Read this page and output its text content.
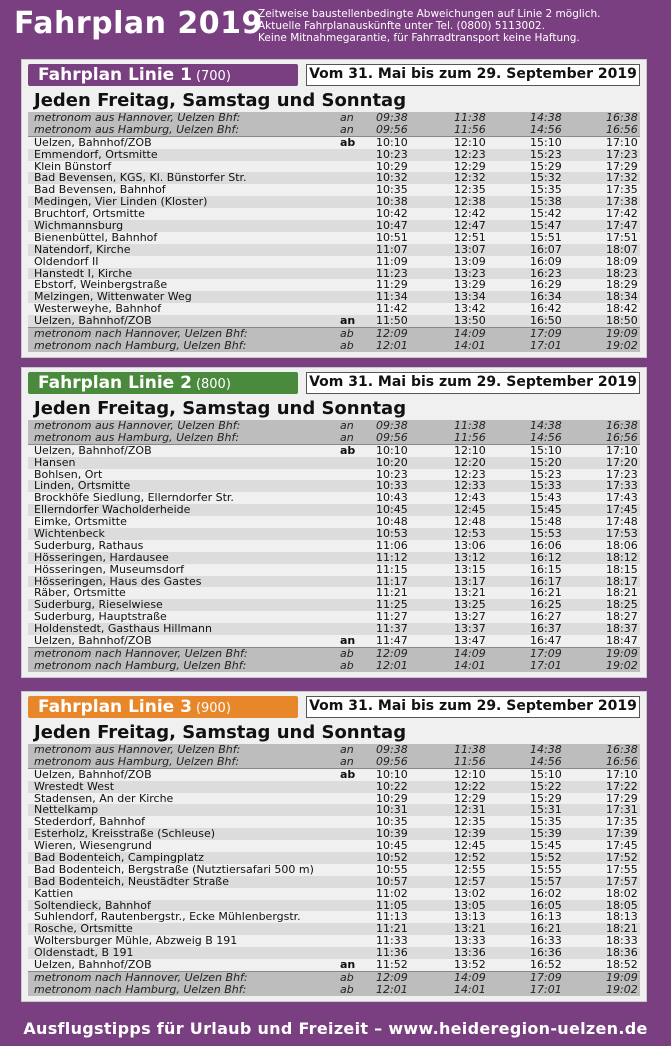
Fahrplan 2019
Zeitweise baustellenbedingte Abweichungen auf Linie 2 möglich.
Aktuelle Fahrplanauskünfte unter Tel. (0800) 5113002.
Keine Mitnahmegarantie, für Fahrradtransport keine Haftung.
Fahrplan Linie 1 (700)	Vom 31. Mai bis zum 29. September 2019
Jeden Freitag, Samstag und Sonntag
metronom aus Hannover, Uelzen Bhf:	an 09:38	11:38	14:38	16:38
metronom aus Hamburg, Uelzen Bhf:	an 09:56	11:56	14:56	16:56
Uelzen, Bahnhof/ZOB	ab 10:10	12:10	15:10	17:10
Emmendorf, Ortsmitte	10:23	12:23	15:23	17:23
Klein Bünstorf	10:29	12:29	15:29	17:29
Bad Bevensen, KGS, Kl. Bünstorfer Str.	10:32	12:32	15:32	17:32
Bad Bevensen, Bahnhof	10:35	12:35	15:35	17:35
Medingen, Vier Linden (Kloster)	10:38	12:38	15:38	17:38
Bruchtorf, Ortsmitte	10:42	12:42	15:42	17:42
Wichmannsburg	10:47	12:47	15:47	17:47
Bienenbüttel, Bahnhof	10:51	12:51	15:51	17:51
Natendorf, Kirche	11:07	13:07	16:07	18:07
Oldendorf II	11:09	13:09	16:09	18:09
Hanstedt I, Kirche	11:23	13:23	16:23	18:23
Ebstorf, Weinbergstraße	11:29	13:29	16:29	18:29
Melzingen, Wittenwater Weg	11:34	13:34	16:34	18:34
Westerweyhe, Bahnhof	11:42	13:42	16:42	18:42
Uelzen, Bahnhof/ZOB	an 11:50	13:50	16:50	18:50
metronom nach Hannover, Uelzen Bhf:	ab 12:09	14:09	17:09	19:09
metronom nach Hamburg, Uelzen Bhf:	ab 12:01	14:01	17:01	19:02
Fahrplan Linie 2 (800)	Vom 31. Mai bis zum 29. September 2019
Jeden Freitag, Samstag und Sonntag
metronom aus Hannover, Uelzen Bhf:	an 09:38	11:38	14:38	16:38
metronom aus Hamburg, Uelzen Bhf:	an 09:56	11:56	14:56	16:56
Uelzen, Bahnhof/ZOB	ab 10:10	12:10	15:10	17:10
Hansen	10:20	12:20	15:20	17:20
Bohlsen, Ort	10:23	12:23	15:23	17:23
Linden, Ortsmitte	10:33	12:33	15:33	17:33
Brockhöfe Siedlung, Ellerndorfer Str.	10:43	12:43	15:43	17:43
Ellerndorfer Wacholderheide	10:45	12:45	15:45	17:45
Eimke, Ortsmitte	10:48	12:48	15:48	17:48
Wichtenbeck	10:53	12:53	15:53	17:53
Suderburg, Rathaus	11:06	13:06	16:06	18:06
Hösseringen, Hardausee	11:12	13:12	16:12	18:12
Hösseringen, Museumsdorf	11:15	13:15	16:15	18:15
Hösseringen, Haus des Gastes	11:17	13:17	16:17	18:17
Räber, Ortsmitte	11:21	13:21	16:21	18:21
Suderburg, Rieselwiese	11:25	13:25	16:25	18:25
Suderburg, Hauptstraße	11:27	13:27	16:27	18:27
Holdenstedt, Gasthaus Hillmann	11:37	13:37	16:37	18:37
Uelzen, Bahnhof/ZOB	an 11:47	13:47	16:47	18:47
metronom nach Hannover, Uelzen Bhf:	ab 12:09	14:09	17:09	19:09
metronom nach Hamburg, Uelzen Bhf:	ab 12:01	14:01	17:01	19:02
Fahrplan Linie 3 (900)	Vom 31. Mai bis zum 29. September 2019
Jeden Freitag, Samstag und Sonntag
metronom aus Hannover, Uelzen Bhf:	an 09:38	11:38	14:38	16:38
metronom aus Hamburg, Uelzen Bhf:	an 09:56	11:56	14:56	16:56
Uelzen, Bahnhof/ZOB	ab 10:10	12:10	15:10	17:10
Wrestedt West	10:22	12:22	15:22	17:22
Stadensen, An der Kirche	10:29	12:29	15:29	17:29
Nettelkamp	10:31	12:31	15:31	17:31
Stederdorf, Bahnhof	10:35	12:35	15:35	17:35
Esterholz, Kreisstraße (Schleuse)	10:39	12:39	15:39	17:39
Wieren, Wiesengrund	10:45	12:45	15:45	17:45
Bad Bodenteich, Campingplatz	10:52	12:52	15:52	17:52
Bad Bodenteich, Bergstraße (Nutztiersafari 500 m)	10:55	12:55	15:55	17:55
Bad Bodenteich, Neustädter Straße	10:57	12:57	15:57	17:57
Kattien	11:02	13:02	16:02	18:02
Soltendieck, Bahnhof	11:05	13:05	16:05	18:05
Suhlendorf, Rautenbergstr., Ecke Mühlenbergstr.	11:13	13:13	16:13	18:13
Rosche, Ortsmitte	11:21	13:21	16:21	18:21
Woltersburger Mühle, Abzweig B 191	11:33	13:33	16:33	18:33
Oldenstadt, B 191	11:36	13:36	16:36	18:36
Uelzen, Bahnhof/ZOB	an 11:52	13:52	16:52	18:52
metronom nach Hannover, Uelzen Bhf:	ab 12:09	14:09	17:09	19:09
metronom nach Hamburg, Uelzen Bhf:	ab 12:01	14:01	17:01	19:02
Ausflugstipps für Urlaub und Freizeit – www.heideregion-uelzen.de
